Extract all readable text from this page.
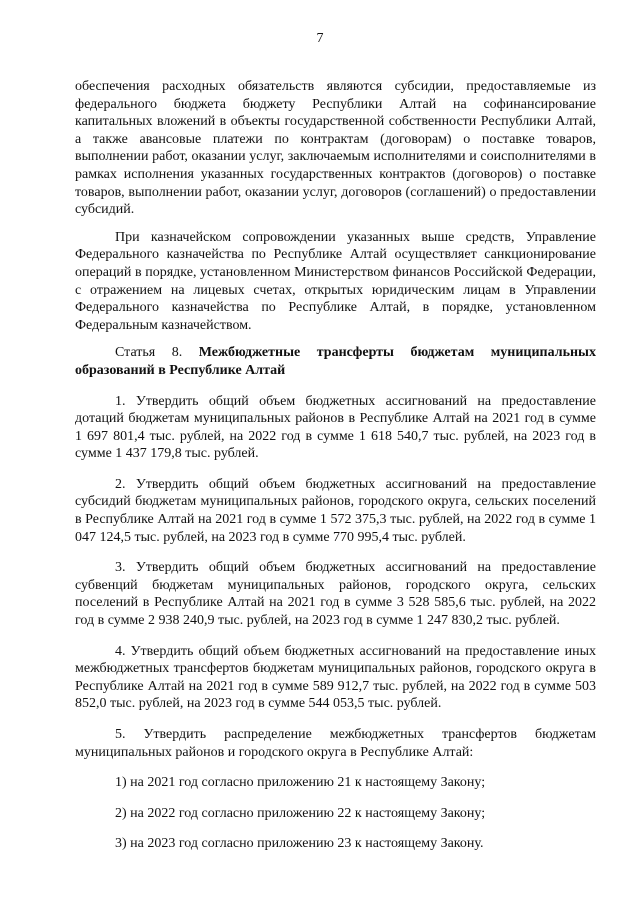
7

обеспечения расходных обязательств являются субсидии, предоставляемые из федерального бюджета бюджету Республики Алтай на софинансирование капитальных вложений в объекты государственной собственности Республики Алтай, а также авансовые платежи по контрактам (договорам) о поставке товаров, выполнении работ, оказании услуг, заключаемым исполнителями и соисполнителями в рамках исполнения указанных государственных контрактов (договоров) о поставке товаров, выполнении работ, оказании услуг, договоров (соглашений) о предоставлении субсидий.

При казначейском сопровождении указанных выше средств, Управление Федерального казначейства по Республике Алтай осуществляет санкционирование операций в порядке, установленном Министерством финансов Российской Федерации, с отражением на лицевых счетах, открытых юридическим лицам в Управлении Федерального казначейства по Республике Алтай, в порядке, установленном Федеральным казначейством.

Статья 8. Межбюджетные трансферты бюджетам муниципальных образований в Республике Алтай

1. Утвердить общий объем бюджетных ассигнований на предоставление дотаций бюджетам муниципальных районов в Республике Алтай на 2021 год в сумме 1 697 801,4 тыс. рублей, на 2022 год в сумме 1 618 540,7 тыс. рублей, на 2023 год в сумме 1 437 179,8 тыс. рублей.

2. Утвердить общий объем бюджетных ассигнований на предоставление субсидий бюджетам муниципальных районов, городского округа, сельских поселений в Республике Алтай на 2021 год в сумме 1 572 375,3 тыс. рублей, на 2022 год в сумме 1 047 124,5 тыс. рублей, на 2023 год в сумме 770 995,4 тыс. рублей.

3. Утвердить общий объем бюджетных ассигнований на предоставление субвенций бюджетам муниципальных районов, городского округа, сельских поселений в Республике Алтай на 2021 год в сумме 3 528 585,6 тыс. рублей, на 2022 год в сумме 2 938 240,9 тыс. рублей, на 2023 год в сумме 1 247 830,2 тыс. рублей.

4. Утвердить общий объем бюджетных ассигнований на предоставление иных межбюджетных трансфертов бюджетам муниципальных районов, городского округа в Республике Алтай на 2021 год в сумме 589 912,7 тыс. рублей, на 2022 год в сумме 503 852,0 тыс. рублей, на 2023 год в сумме 544 053,5 тыс. рублей.

5. Утвердить распределение межбюджетных трансфертов бюджетам муниципальных районов и городского округа в Республике Алтай:

1) на 2021 год согласно приложению 21 к настоящему Закону;

2) на 2022 год согласно приложению 22 к настоящему Закону;

3) на 2023 год согласно приложению 23 к настоящему Закону.
